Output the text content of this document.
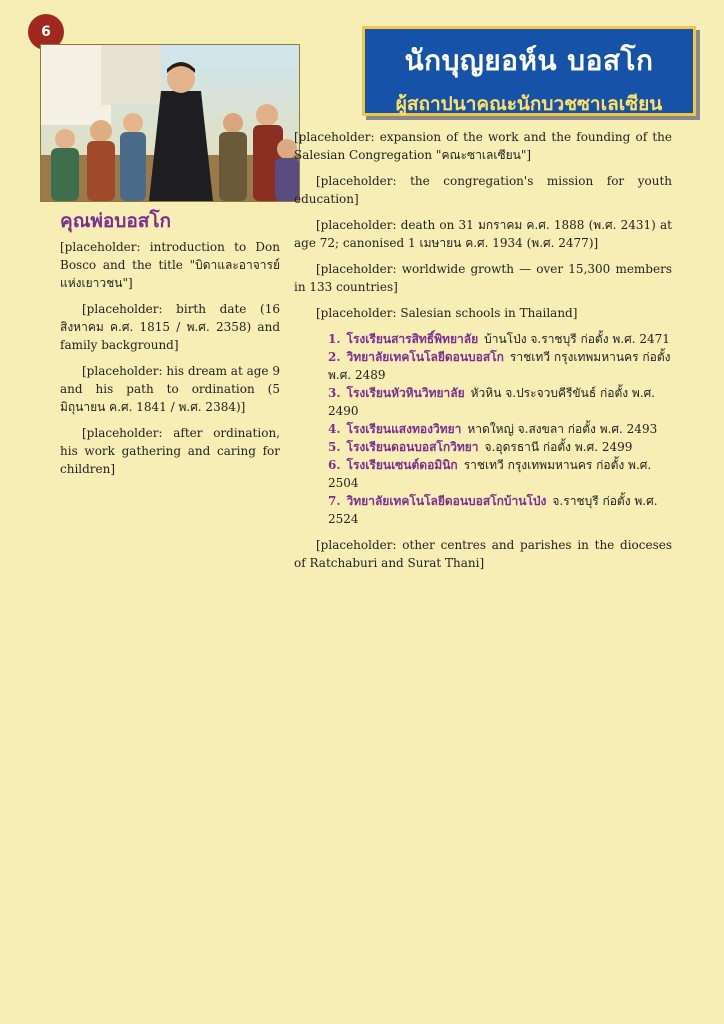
6
นักบุญยอห์น บอสโก
ผู้สถาปนาคณะนักบวชซาเลเซียน

คุณพ่อบอสโก

[placeholder: introduction to Don Bosco and the title "บิดาและอาจารย์แห่งเยาวชน"]

[placeholder: birth date (16 สิงหาคม ค.ศ. 1815 / พ.ศ. 2358) and family background]

[placeholder: his dream at age 9 and his path to ordination (5 มิถุนายน ค.ศ. 1841 / พ.ศ. 2384)]

[placeholder: after ordination, his work gathering and caring for children]

[placeholder: expansion of the work and the founding of the Salesian Congregation "คณะซาเลเซียน"]

[placeholder: the congregation's mission for youth education]

[placeholder: death on 31 มกราคม ค.ศ. 1888 (พ.ศ. 2431) at age 72; canonised 1 เมษายน ค.ศ. 1934 (พ.ศ. 2477)]

[placeholder: worldwide growth — over 15,300 members in 133 countries]

[placeholder: Salesian schools in Thailand]

1. โรงเรียนสารสิทธิ์พิทยาลัย บ้านโป่ง จ.ราชบุรี ก่อตั้ง พ.ศ. 2471
2. วิทยาลัยเทคโนโลยีดอนบอสโก ราชเทวี กรุงเทพมหานคร ก่อตั้ง พ.ศ. 2489
3. โรงเรียนหัวหินวิทยาลัย หัวหิน จ.ประจวบคีรีขันธ์ ก่อตั้ง พ.ศ. 2490
4. โรงเรียนแสงทองวิทยา หาดใหญ่ จ.สงขลา ก่อตั้ง พ.ศ. 2493
5. โรงเรียนดอนบอสโกวิทยา จ.อุดรธานี ก่อตั้ง พ.ศ. 2499
6. โรงเรียนเซนต์ดอมินิก ราชเทวี กรุงเทพมหานคร ก่อตั้ง พ.ศ. 2504
7. วิทยาลัยเทคโนโลยีดอนบอสโกบ้านโป่ง จ.ราชบุรี ก่อตั้ง พ.ศ. 2524

[placeholder: other centres and parishes in the dioceses of Ratchaburi and Surat Thani]
